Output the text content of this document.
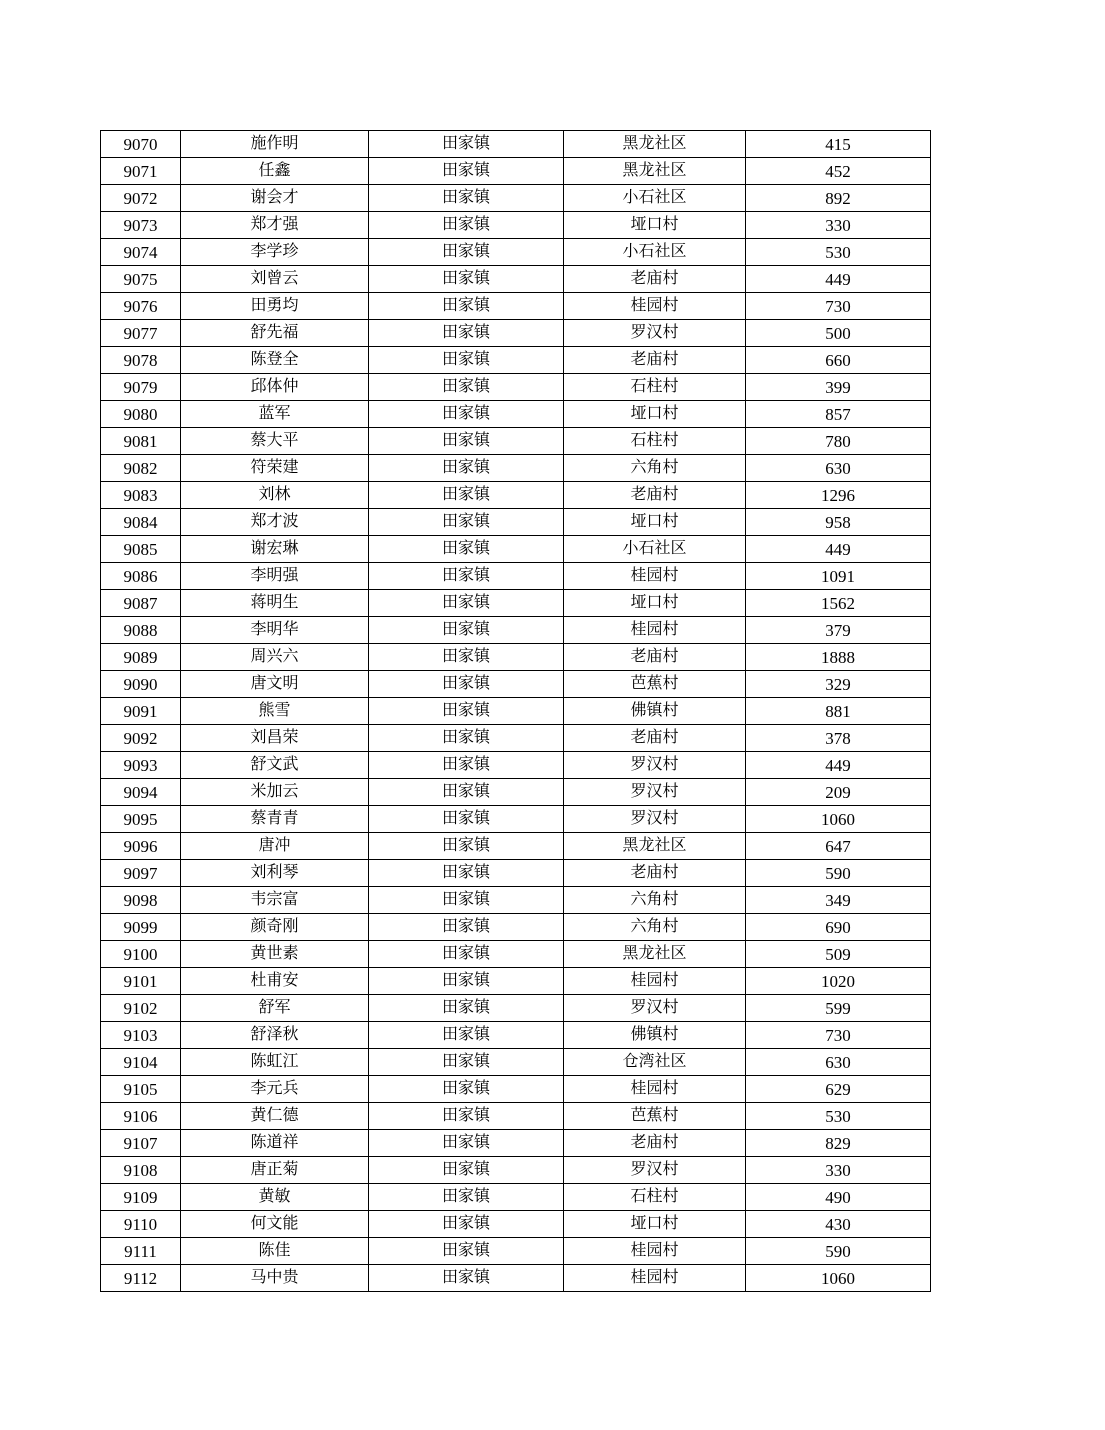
9070	施作明	田家镇	黑龙社区	415
9071	任鑫	田家镇	黑龙社区	452
9072	谢会才	田家镇	小石社区	892
9073	郑才强	田家镇	垭口村	330
9074	李学珍	田家镇	小石社区	530
9075	刘曾云	田家镇	老庙村	449
9076	田勇均	田家镇	桂园村	730
9077	舒先福	田家镇	罗汉村	500
9078	陈登全	田家镇	老庙村	660
9079	邱体仲	田家镇	石柱村	399
9080	蓝军	田家镇	垭口村	857
9081	蔡大平	田家镇	石柱村	780
9082	符荣建	田家镇	六角村	630
9083	刘林	田家镇	老庙村	1296
9084	郑才波	田家镇	垭口村	958
9085	谢宏琳	田家镇	小石社区	449
9086	李明强	田家镇	桂园村	1091
9087	蒋明生	田家镇	垭口村	1562
9088	李明华	田家镇	桂园村	379
9089	周兴六	田家镇	老庙村	1888
9090	唐文明	田家镇	芭蕉村	329
9091	熊雪	田家镇	佛镇村	881
9092	刘昌荣	田家镇	老庙村	378
9093	舒文武	田家镇	罗汉村	449
9094	米加云	田家镇	罗汉村	209
9095	蔡青青	田家镇	罗汉村	1060
9096	唐冲	田家镇	黑龙社区	647
9097	刘利琴	田家镇	老庙村	590
9098	韦宗富	田家镇	六角村	349
9099	颜奇刚	田家镇	六角村	690
9100	黄世素	田家镇	黑龙社区	509
9101	杜甫安	田家镇	桂园村	1020
9102	舒军	田家镇	罗汉村	599
9103	舒泽秋	田家镇	佛镇村	730
9104	陈虹江	田家镇	仓湾社区	630
9105	李元兵	田家镇	桂园村	629
9106	黄仁德	田家镇	芭蕉村	530
9107	陈道祥	田家镇	老庙村	829
9108	唐正菊	田家镇	罗汉村	330
9109	黄敏	田家镇	石柱村	490
9110	何文能	田家镇	垭口村	430
9111	陈佳	田家镇	桂园村	590
9112	马中贵	田家镇	桂园村	1060
